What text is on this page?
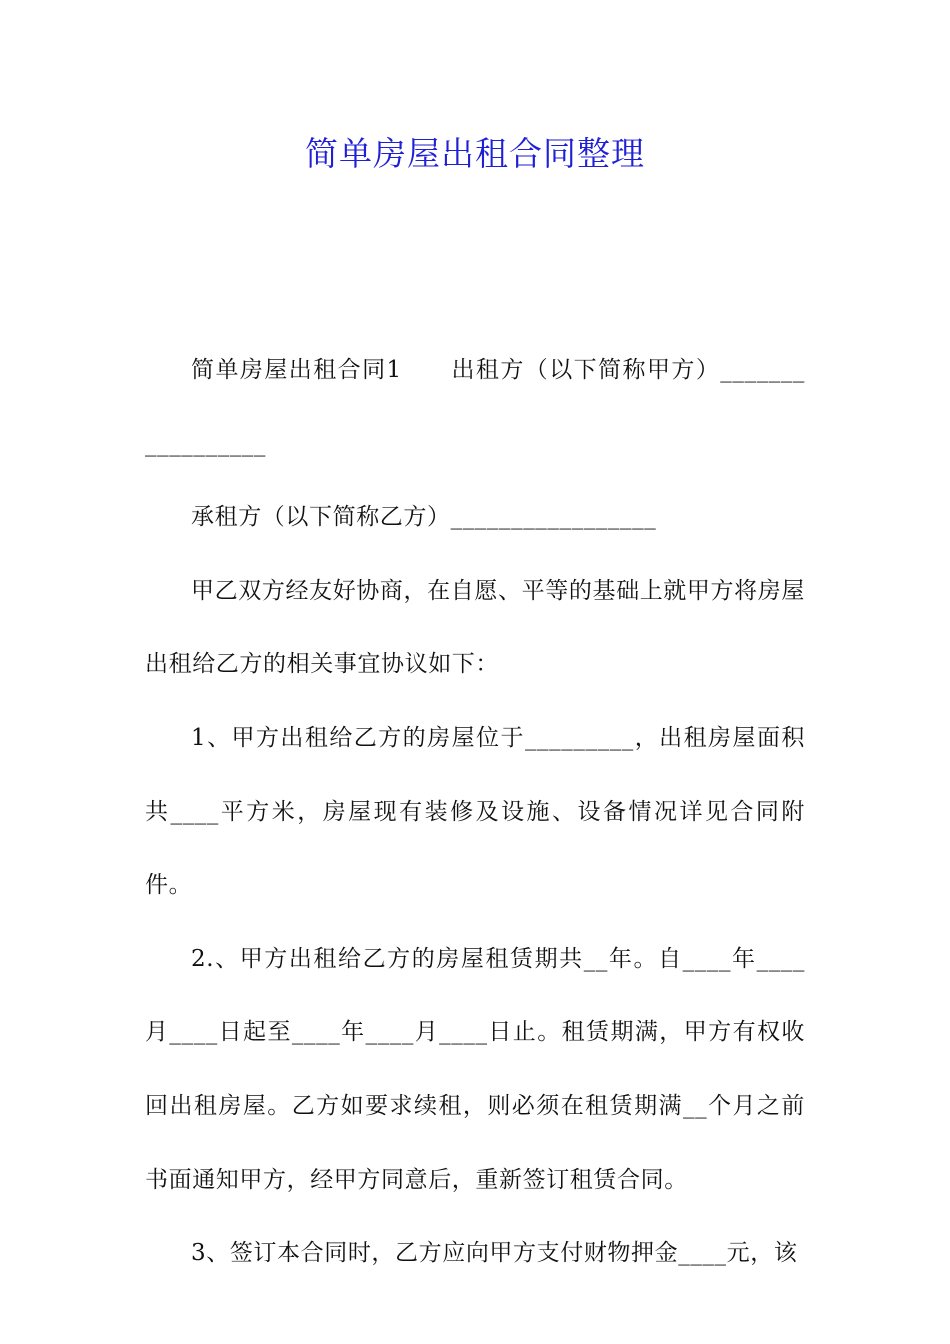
简单房屋出租合同整理

简单房屋出租合同1　　出租方（以下简称甲方）_______ __________

承租方（以下简称乙方）_________________

甲乙双方经友好协商，在自愿、平等的基础上就甲方将房屋出租给乙方的相关事宜协议如下：

1、甲方出租给乙方的房屋位于_________，出租房屋面积共____平方米，房屋现有装修及设施、设备情况详见合同附件。

2.、甲方出租给乙方的房屋租赁期共__年。自____年____月____日起至____年____月____日止。租赁期满，甲方有权收回出租房屋。乙方如要求续租，则必须在租赁期满__个月之前书面通知甲方，经甲方同意后，重新签订租赁合同。

3、签订本合同时，乙方应向甲方支付财物押金____元，该
